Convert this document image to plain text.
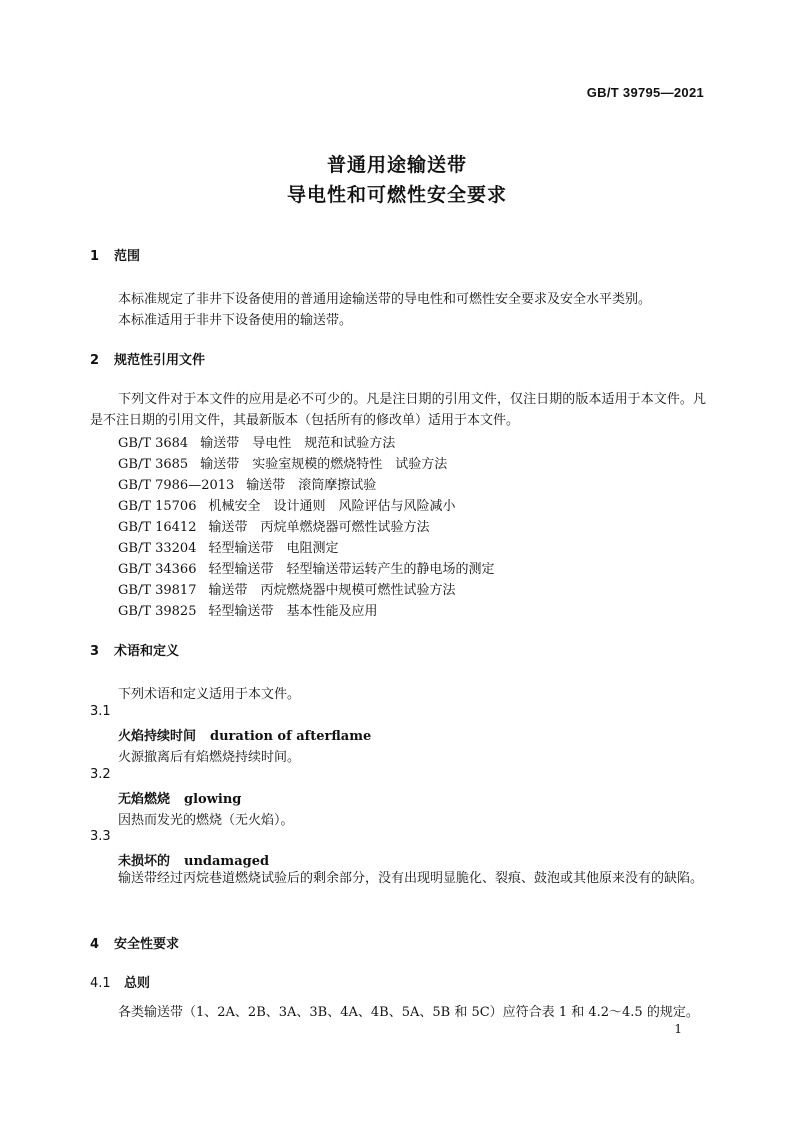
GB/T 39795—2021
普通用途输送带
导电性和可燃性安全要求
1 范围
本标准规定了非井下设备使用的普通用途输送带的导电性和可燃性安全要求及安全水平类别。
本标准适用于非井下设备使用的输送带。
2 规范性引用文件
下列文件对于本文件的应用是必不可少的。凡是注日期的引用文件，仅注日期的版本适用于本文件。凡是不注日期的引用文件，其最新版本（包括所有的修改单）适用于本文件。
GB/T 3684 输送带　导电性　规范和试验方法
GB/T 3685 输送带　实验室规模的燃烧特性　试验方法
GB/T 7986—2013 输送带　滚筒摩擦试验
GB/T 15706 机械安全　设计通则　风险评估与风险减小
GB/T 16412 输送带　丙烷单燃烧器可燃性试验方法
GB/T 33204 轻型输送带　电阻测定
GB/T 34366 轻型输送带　轻型输送带运转产生的静电场的测定
GB/T 39817 输送带　丙烷燃烧器中规模可燃性试验方法
GB/T 39825 轻型输送带　基本性能及应用
3 术语和定义
下列术语和定义适用于本文件。
3.1
火焰持续时间 duration of afterflame
火源撤离后有焰燃烧持续时间。
3.2
无焰燃烧 glowing
因热而发光的燃烧（无火焰）。
3.3
未损坏的 undamaged
输送带经过丙烷巷道燃烧试验后的剩余部分，没有出现明显脆化、裂痕、鼓泡或其他原来没有的缺陷。
4 安全性要求
4.1 总则
各类输送带（1、2A、2B、3A、3B、4A、4B、5A、5B 和 5C）应符合表 1 和 4.2～4.5 的规定。
1
